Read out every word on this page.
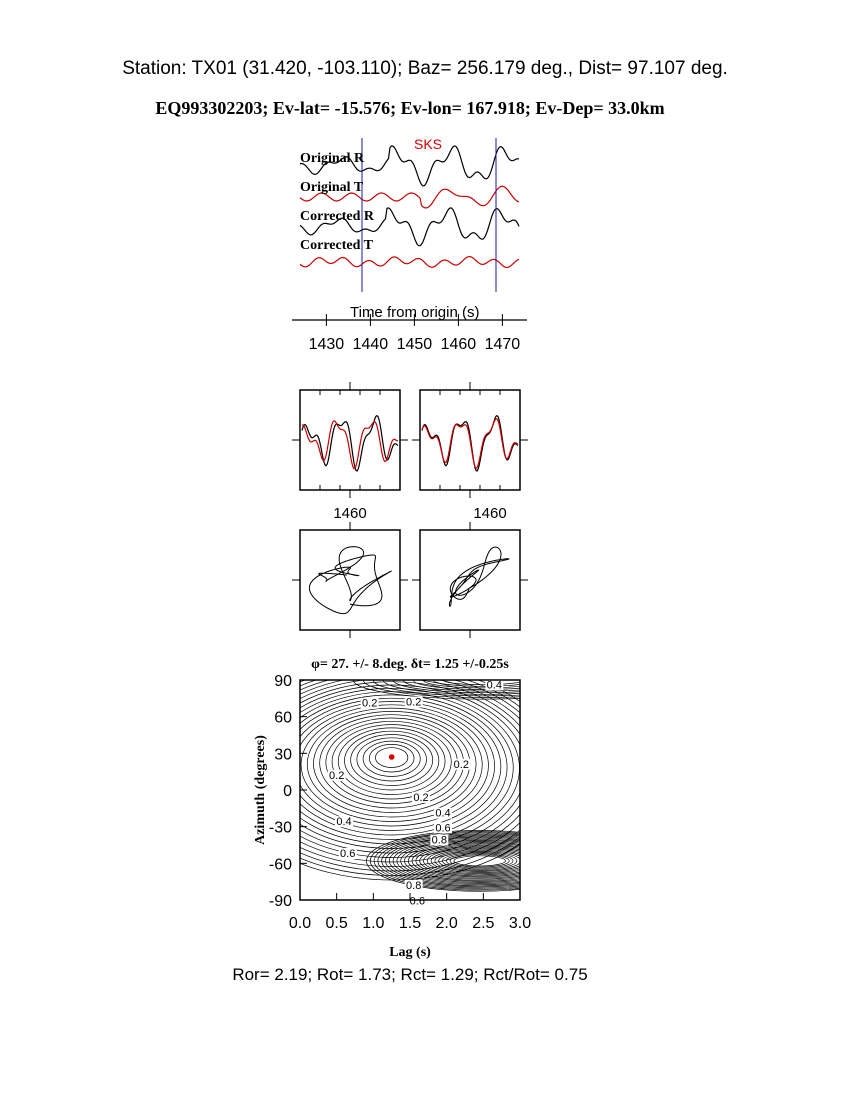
Station: TX01 (31.420, -103.110); Baz= 256.179 deg., Dist= 97.107 deg.
EQ993302203; Ev-lat= -15.576; Ev-lon= 167.918; Ev-Dep= 33.0km
SKS
Original R
Original T
Corrected R
Corrected T
Time from origin (s)
1430 1440 1450 1460 1470
1460	1460
φ= 27. +/- 8.deg. δt= 1.25 +/-0.25s
0.4
0.2	0.2
0.2
0.2
0.2
0.4
0.6
0.8
0.4
0.6
0.8
0.6
0.0 0.5 1.0 1.5 2.0 2.5 3.0
90
60
30
0
-30
-60
-90
Lag (s)
Azimuth (degrees)
Ror= 2.19; Rot= 1.73; Rct= 1.29; Rct/Rot= 0.75
